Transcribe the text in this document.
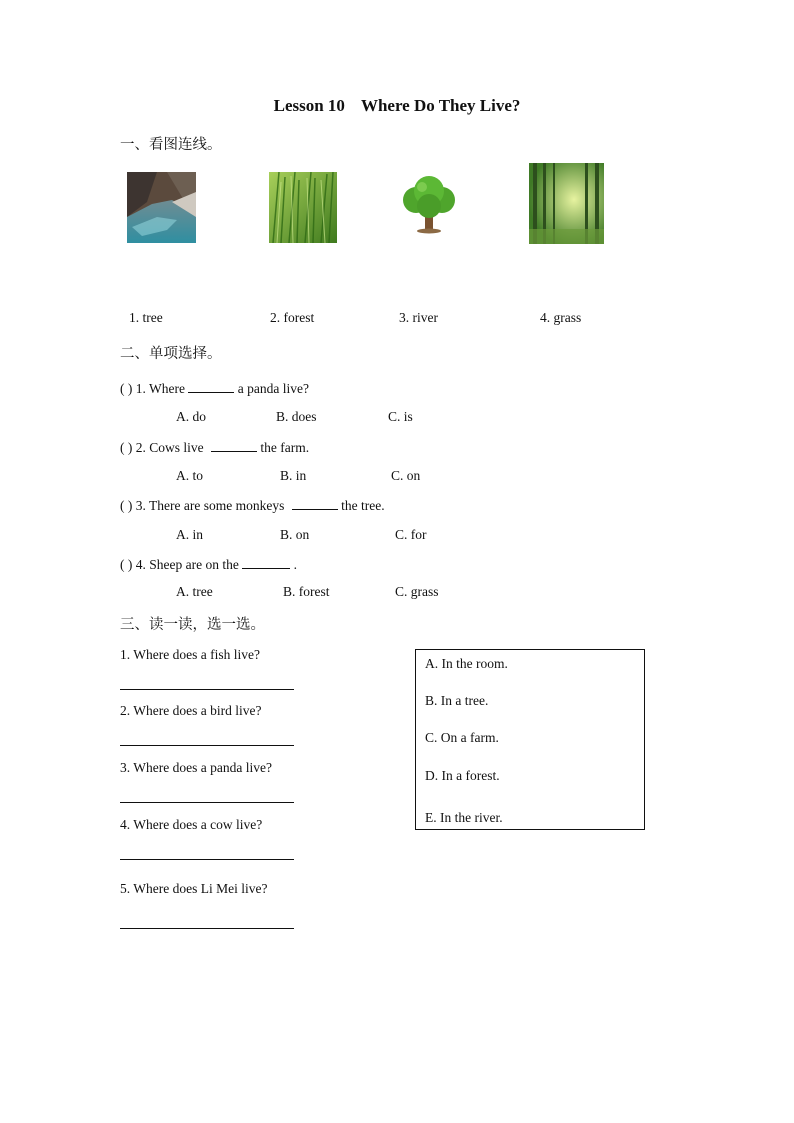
Lesson 10 Where Do They Live?
一、看图连线。
1. tree	2. forest	3. river	4. grass
二、单项选择。
( ) 1. Where	a panda live?
A. do	B. does	C. is
( ) 2. Cows live	the farm.
A. to	B. in	C. on
( ) 3. There are some monkeys	the tree.
A. in	B. on	C. for
( ) 4. Sheep are on the	.
A. tree	B. forest	C. grass
三、读一读，选一选。
1. Where does a fish live?
2. Where does a bird live?
3. Where does a panda live?
4. Where does a cow live?
5. Where does Li Mei live?
A. In the room.
B. In a tree.
C. On a farm.
D. In a forest.
E. In the river.
